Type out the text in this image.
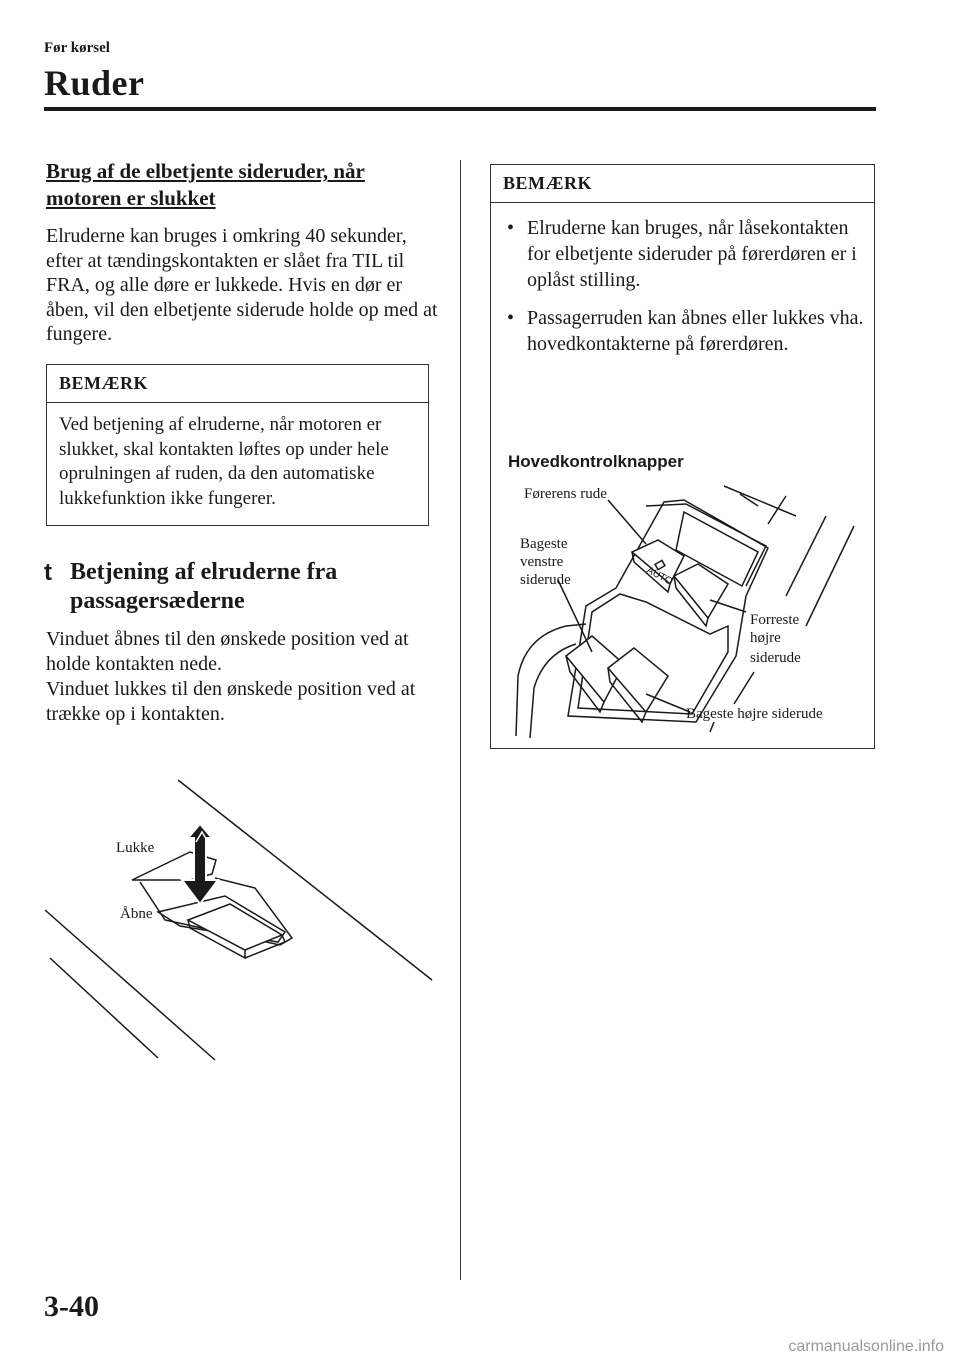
Før kørsel
Ruder

Brug af de elbetjente sideruder, når motoren er slukket

Elruderne kan bruges i omkring 40 sekunder, efter at tændingskontakten er slået fra TIL til FRA, og alle døre er lukkede. Hvis en dør er åben, vil den elbetjente siderude holde op med at fungere.

BEMÆRK
Ved betjening af elruderne, når motoren er slukket, skal kontakten løftes op under hele oprulningen af ruden, da den automatiske lukkefunktion ikke fungerer.
t Betjening af elruderne fra passagersæderne
Vinduet åbnes til den ønskede position ved at holde kontakten nede.
Vinduet lukkes til den ønskede position ved at trække op i kontakten.
Lukke
Åbne
BEMÆRK
• Elruderne kan bruges, når låsekontakten for elbetjente sideruder på førerdøren er i oplåst stilling.
• Passagerruden kan åbnes eller lukkes vha. hovedkontakterne på førerdøren.
Hovedkontrolknapper
AUTO
Førerens rude
Bageste
venstre
siderude
Forreste
højre
siderude
Bageste højre siderude
3-40
carmanualsonline.info
